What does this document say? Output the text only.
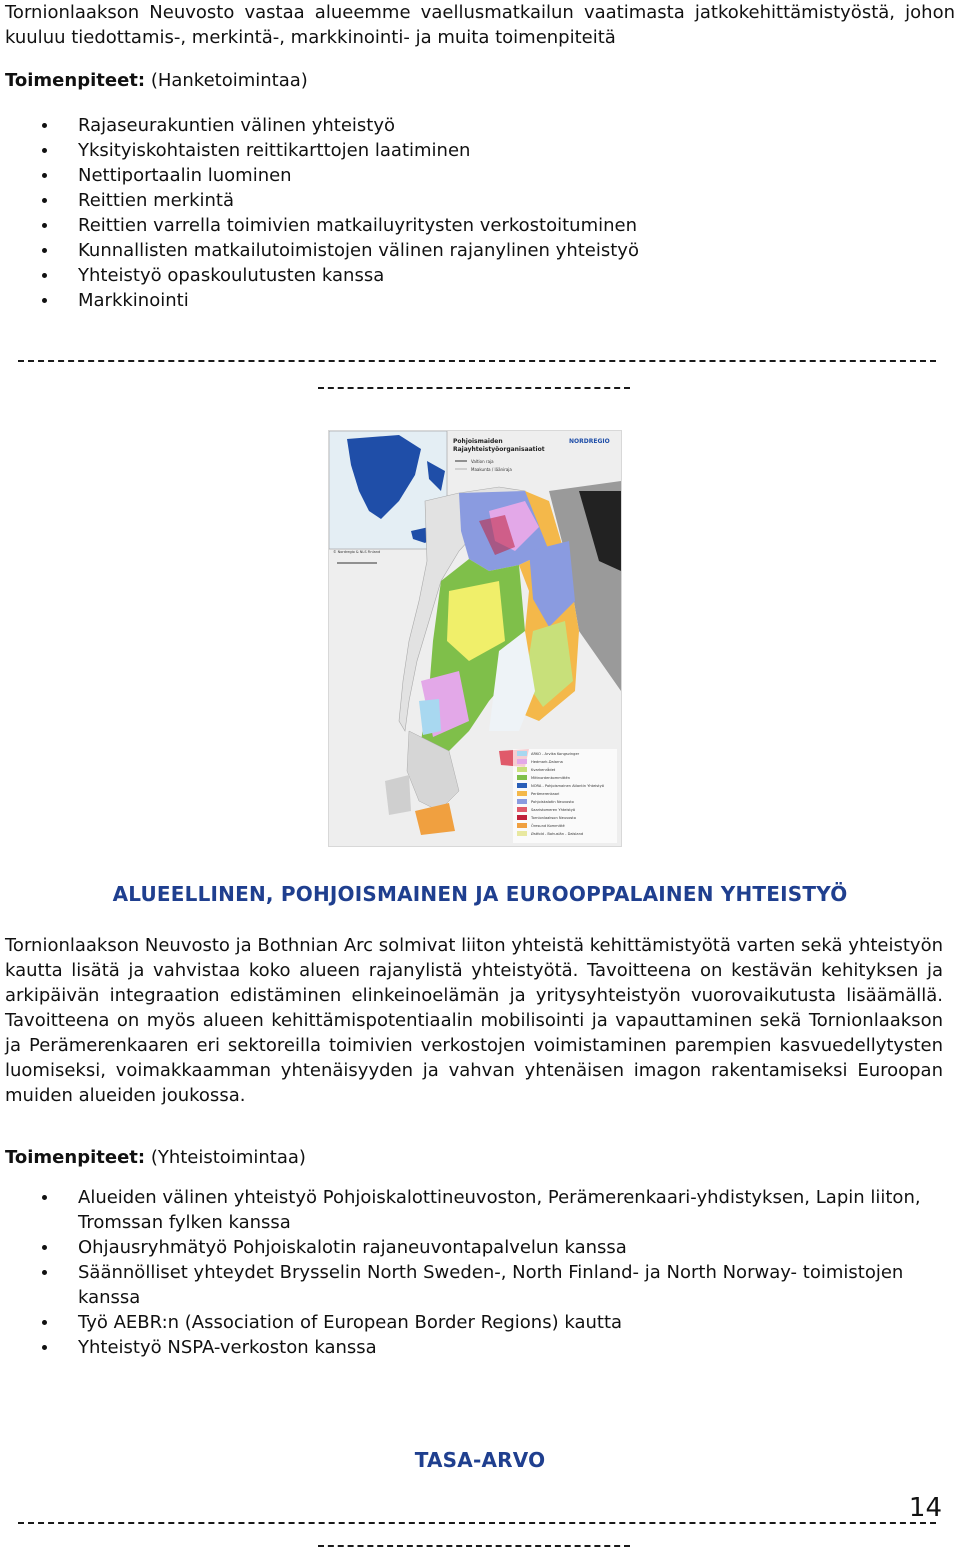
Tornionlaakson Neuvosto vastaa alueemme vaellusmatkailun vaatimasta jatkokehittämistyöstä, johon kuuluu tiedottamis-, merkintä-, markkinointi- ja muita toimenpiteitä
Toimenpiteet: (Hanketoimintaa)
Rajaseurakuntien välinen yhteistyö
Yksityiskohtaisten reittikarttojen laatiminen
Nettiportaalin luominen
Reittien merkintä
Reittien varrella toimivien matkailuyritysten verkostoituminen
Kunnallisten matkailutoimistojen välinen rajanylinen yhteistyö
Yhteistyö opaskoulutusten kanssa
Markkinointi
Pohjoismaiden
Rajayhteistyöorganisaatiot
NORDREGIO
Valtion raja
Maakunta / lääniraja
© Nordregio & NLS Finland
ARKO - Arvika Kongsvinger
Hedmark-Dalarna
Kvarkenrådet
Mittnordenkommittén
NORA - Pohjoismainen Atlantin Yhteistyö
Perämerenkaari
Pohjoiskalotin Neuvosto
Saaristomeren Yhteistyö
Tornionlaakson Neuvosto
Öresund Kommitté
Østfold - Bohuslän - Dalsland
ALUEELLINEN, POHJOISMAINEN JA EUROOPPALAINEN YHTEISTYÖ
Tornionlaakson Neuvosto ja Bothnian Arc solmivat liiton yhteistä kehittämistyötä varten sekä yhteistyön kautta lisätä ja vahvistaa koko alueen rajanylistä yhteistyötä. Tavoitteena on kestävän kehityksen ja arkipäivän integraation edistäminen elinkeinoelämän ja yritysyhteistyön vuorovaikutusta lisäämällä. Tavoitteena on myös alueen kehittämispotentiaalin mobilisointi ja vapauttaminen sekä Tornionlaakson ja Perämerenkaaren eri sektoreilla toimivien verkostojen voimistaminen parempien kasvuedellytysten luomiseksi, voimakkaamman yhtenäisyyden ja vahvan yhtenäisen imagon rakentamiseksi Euroopan muiden alueiden joukossa.
Toimenpiteet: (Yhteistoimintaa)
Alueiden välinen yhteistyö Pohjoiskalottineuvoston, Perämerenkaari-yhdistyksen, Lapin liiton, Tromssan fylken kanssa
Ohjausryhmätyö Pohjoiskalotin rajaneuvontapalvelun kanssa
Säännölliset yhteydet Brysselin North Sweden-, North Finland- ja North Norway- toimistojen kanssa
Työ AEBR:n (Association of European Border Regions) kautta
Yhteistyö NSPA-verkoston kanssa
TASA-ARVO
14
